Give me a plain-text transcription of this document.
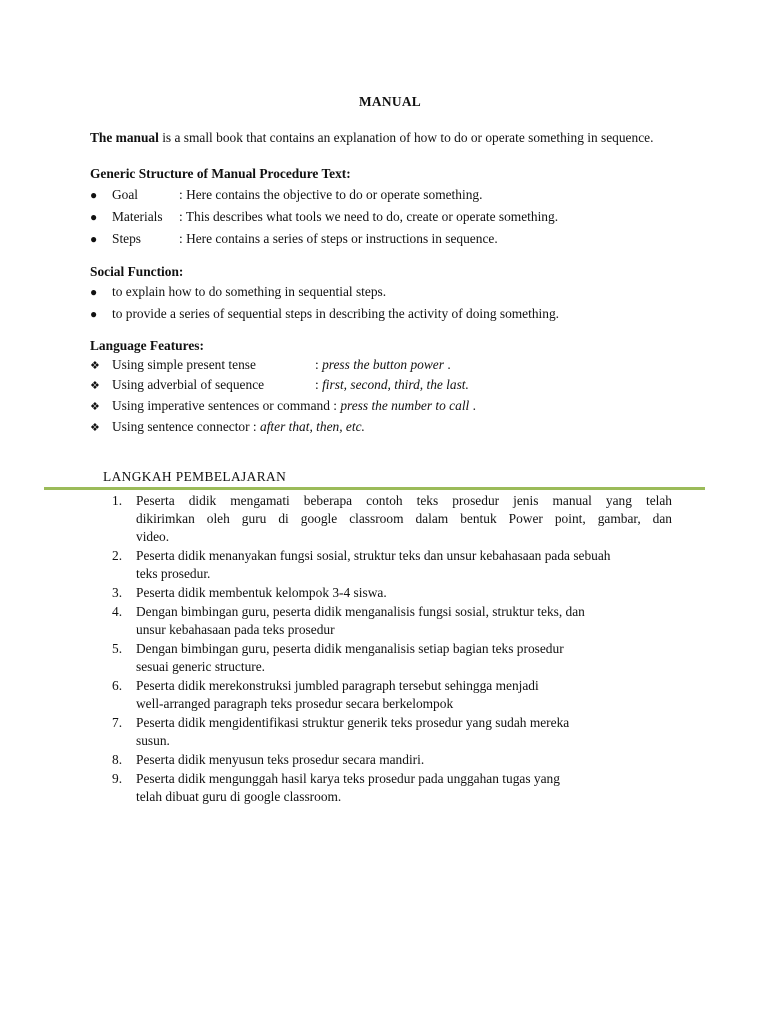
MANUAL
The manual is a small book that contains an explanation of how to do or operate something in sequence.
Generic Structure of Manual Procedure Text:
● Goal	: Here contains the objective to do or operate something.
● Materials : This describes what tools we need to do, create or operate something.
● Steps	: Here contains a series of steps or instructions in sequence.
Social Function:
● to explain how to do something in sequential steps.
● to provide a series of sequential steps in describing the activity of doing something.
Language Features:
❖ Using simple present tense	: press the button power .
❖ Using adverbial of sequence	: first, second, third, the last.
❖ Using imperative sentences or command : press the number to call .
❖ Using sentence connector : after that, then, etc.
LANGKAH PEMBELAJARAN
1. Peserta didik mengamati beberapa contoh teks prosedur jenis manual yang telah
dikirimkan oleh guru di google classroom dalam bentuk Power point, gambar, dan
video.
2. Peserta didik menanyakan fungsi sosial, struktur teks dan unsur kebahasaan pada sebuah
teks prosedur.
3. Peserta didik membentuk kelompok 3-4 siswa.
4. Dengan bimbingan guru, peserta didik menganalisis fungsi sosial, struktur teks, dan
unsur kebahasaan pada teks prosedur
5. Dengan bimbingan guru, peserta didik menganalisis setiap bagian teks prosedur
sesuai generic structure.
6. Peserta didik merekonstruksi jumbled paragraph tersebut sehingga menjadi
well-arranged paragraph teks prosedur secara berkelompok
7. Peserta didik mengidentifikasi struktur generik teks prosedur yang sudah mereka
susun.
8. Peserta didik menyusun teks prosedur secara mandiri.
9. Peserta didik mengunggah hasil karya teks prosedur pada unggahan tugas yang
telah dibuat guru di google classroom.
